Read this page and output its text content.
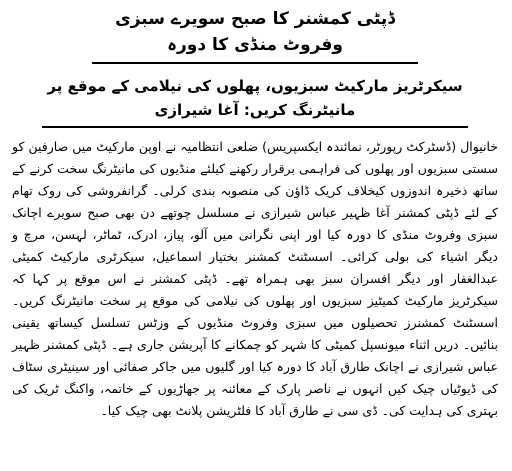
ڈپٹی کمشنر کا صبح سویرے سبزی وفروٹ منڈی کا دورہ
سیکرٹریز مارکیٹ سبزیوں، پھلوں کی نیلامی کے موقع پر مانیٹرنگ کریں: آغا شیرازی
خانیوال (ڈسٹرکٹ رپورٹر، نمائندہ ایکسپریس) ضلعی انتظامیہ نے اوپن مارکیٹ میں صارفین کو سستی سبزیوں اور پھلوں کی فراہمی برقرار رکھنے کیلئے منڈیوں کی مانیٹرنگ سخت کرنے کے ساتھ ذخیرہ اندوزوں کیخلاف کریک ڈاؤن کی منصوبہ بندی کرلی۔ گرانفروشی کی روک تھام کے لئے ڈپٹی کمشنر آغا ظہیر عباس شیرازی نے مسلسل چوتھے دن بھی صبح سویرے اچانک سبزی وفروٹ منڈی کا دورہ کیا اور اپنی نگرانی میں آلو، پیاز، ادرک، ٹماٹر، لہسن، مرچ و دیگر اشیاء کی بولی کرائی۔ اسسٹنٹ کمشنر بختیار اسماعیل، سیکرٹری مارکیٹ کمیٹی عبدالغفار اور دیگر افسران سبز بھی ہمراہ تھے۔ ڈپٹی کمشنر نے اس موقع پر کہا کہ سیکرٹریز مارکیٹ کمیٹیز سبزیوں اور پھلوں کی نیلامی کی موقع پر سخت مانیٹرنگ کریں۔ اسسٹنٹ کمشنرز تحصیلوں میں سبزی وفروٹ منڈیوں کے وزٹس تسلسل کیساتھ یقینی بنائیں۔ دریں اثناء میونسپل کمیٹی کا شہر کو چمکانے کا آپریشن جاری ہے۔ ڈپٹی کمشنر ظہیر عباس شیرازی نے اچانک طارق آباد کا دورہ کیا اور گلیوں میں جاکر صفائی اور سینیٹری سٹاف کی ڈیوٹیاں چیک کیں انہوں نے ناصر پارک کے معائنہ پر جھاڑیوں کے خاتمہ، واکنگ ٹریک کی بہتری کی ہدایت کی۔ ڈی سی نے طارق آباد کا فلٹریشن پلانٹ بھی چیک کیا۔
